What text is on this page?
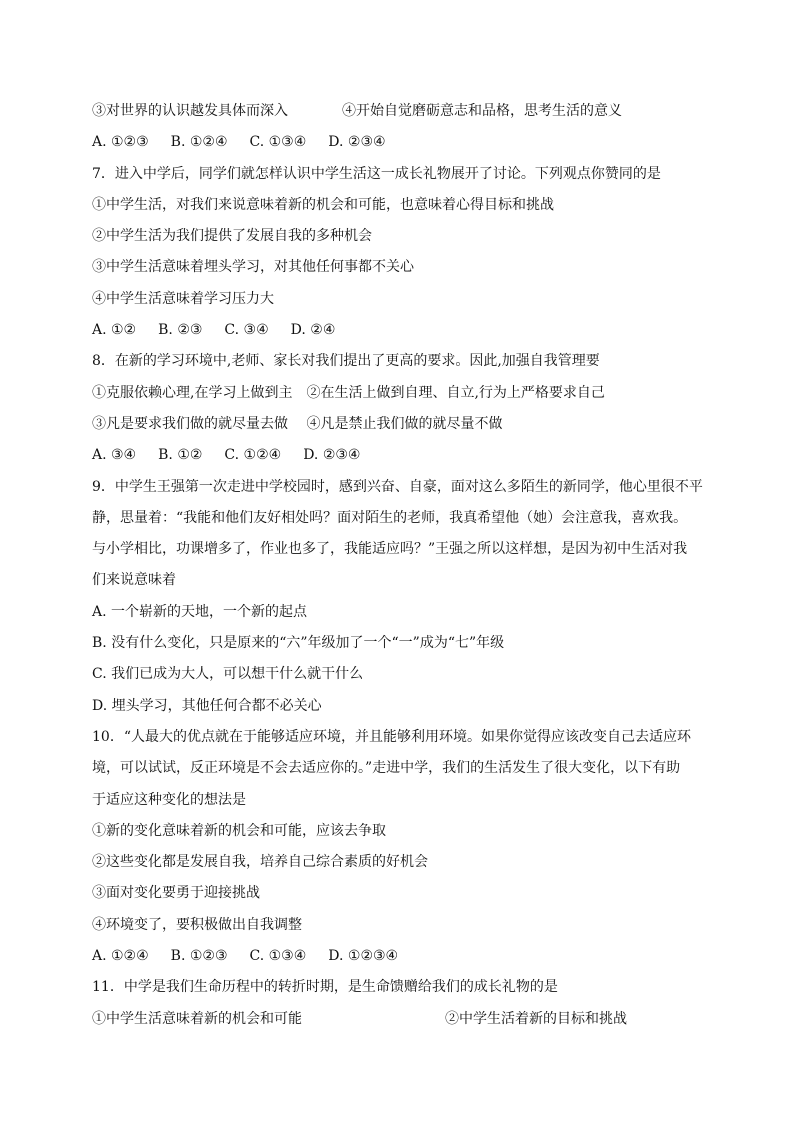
③对世界的认识越发具体而深入	④开始自觉磨砺意志和品格，思考生活的意义
A. ①②③ B. ①②④ C. ①③④ D. ②③④
7．进入中学后，同学们就怎样认识中学生活这一成长礼物展开了讨论。下列观点你赞同的是
①中学生活，对我们来说意味着新的机会和可能，也意味着心得目标和挑战
②中学生活为我们提供了发展自我的多种机会
③中学生活意味着埋头学习，对其他任何事都不关心
④中学生活意味着学习压力大
A. ①② B. ②③ C. ③④ D. ②④
8．在新的学习环境中,老师、家长对我们提出了更高的要求。因此,加强自我管理要
①克服依赖心理,在学习上做到主　②在生活上做到自理、自立,行为上严格要求自己
③凡是要求我们做的就尽量去做　 ④凡是禁止我们做的就尽量不做
A. ③④ B. ①② C. ①②④ D. ②③④
9．中学生王强第一次走进中学校园时，感到兴奋、自豪，面对这么多陌生的新同学，他心里很不平
静，思量着：“我能和他们友好相处吗？面对陌生的老师，我真希望他（她）会注意我，喜欢我。
与小学相比，功课增多了，作业也多了，我能适应吗？”王强之所以这样想，是因为初中生活对我
们来说意味着
A. 一个崭新的天地，一个新的起点
B. 没有什么变化，只是原来的“六”年级加了一个“一”成为“七”年级
C. 我们已成为大人，可以想干什么就干什么
D. 埋头学习，其他任何合都不必关心
10．“人最大的优点就在于能够适应环境，并且能够利用环境。如果你觉得应该改变自己去适应环
境，可以试试，反正环境是不会去适应你的。”走进中学，我们的生活发生了很大变化，以下有助
于适应这种变化的想法是
①新的变化意味着新的机会和可能，应该去争取
②这些变化都是发展自我，培养自己综合素质的好机会
③面对变化要勇于迎接挑战
④环境变了，要积极做出自我调整
A. ①②④ B. ①②③ C. ①③④ D. ①②③④
11．中学是我们生命历程中的转折时期，是生命馈赠给我们的成长礼物的是
①中学生活意味着新的机会和可能	②中学生活着新的目标和挑战
